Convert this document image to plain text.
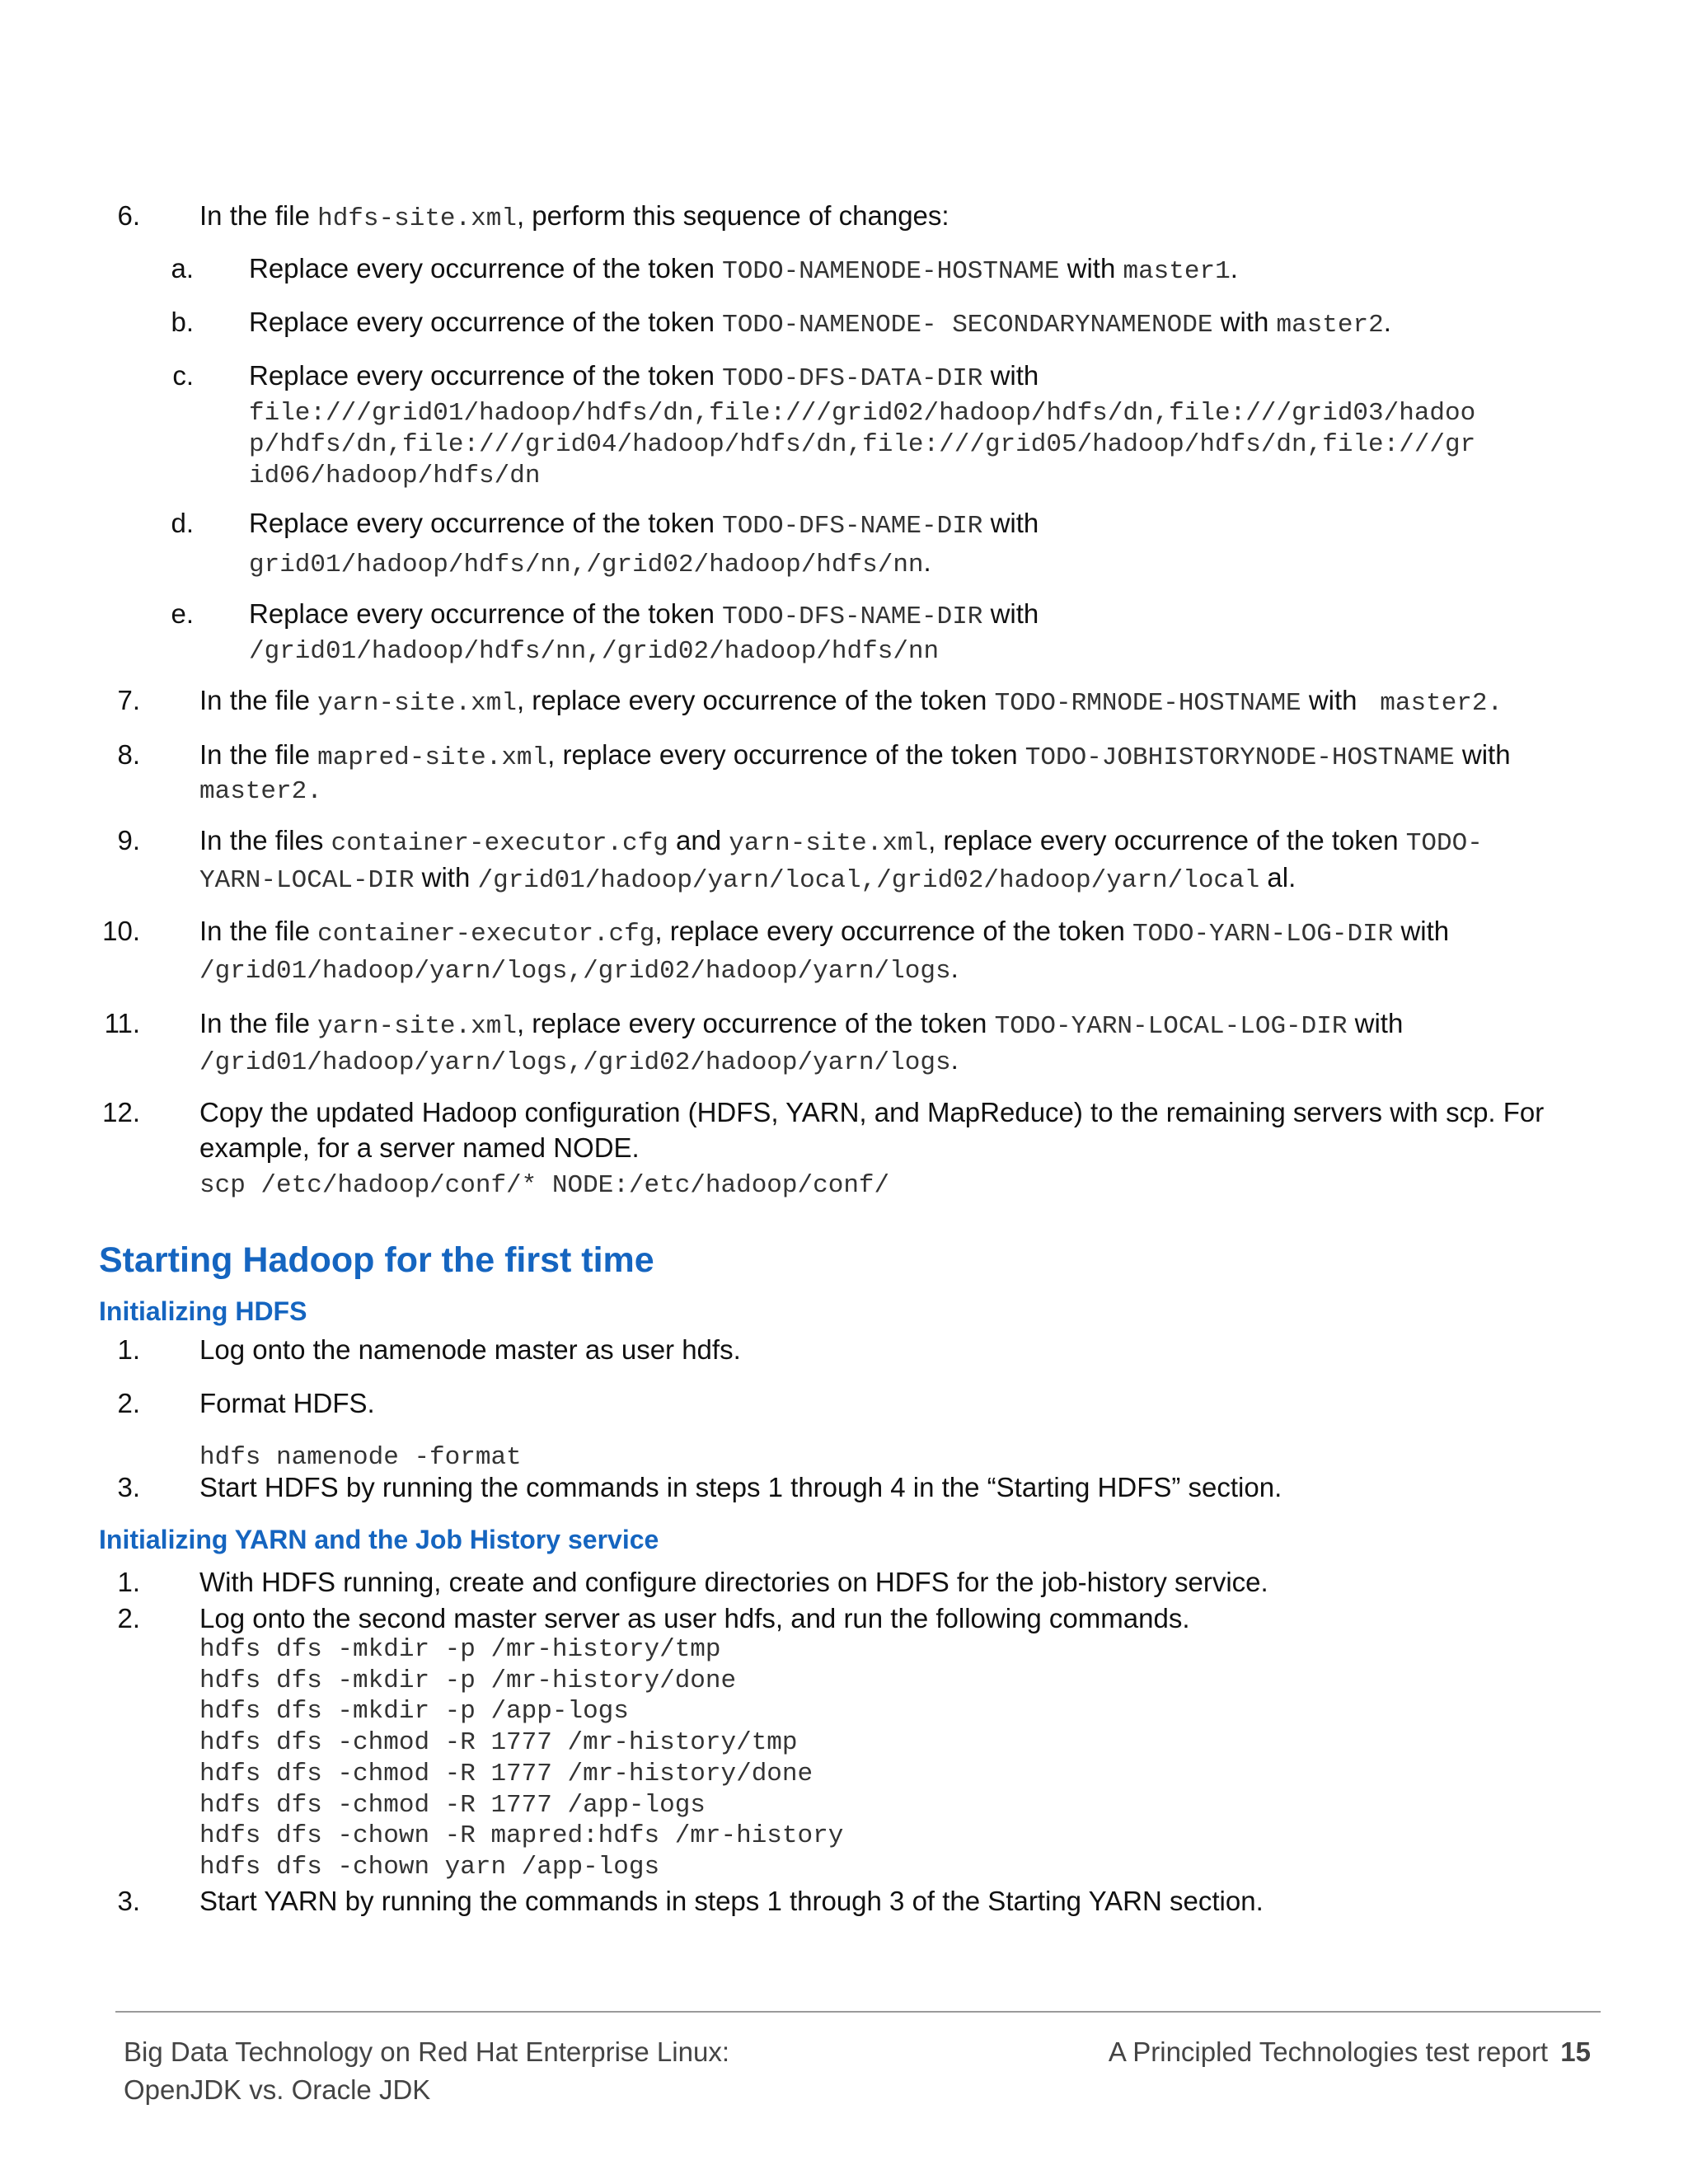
6. In the file hdfs-site.xml, perform this sequence of changes:
a. Replace every occurrence of the token TODO-NAMENODE-HOSTNAME with master1.
b. Replace every occurrence of the token TODO-NAMENODE- SECONDARYNAMENODE with master2.
c. Replace every occurrence of the token TODO-DFS-DATA-DIR with
file:///grid01/hadoop/hdfs/dn,file:///grid02/hadoop/hdfs/dn,file:///grid03/hadoo
p/hdfs/dn,file:///grid04/hadoop/hdfs/dn,file:///grid05/hadoop/hdfs/dn,file:///gr
id06/hadoop/hdfs/dn
d. Replace every occurrence of the token TODO-DFS-NAME-DIR with
grid01/hadoop/hdfs/nn,/grid02/hadoop/hdfs/nn.
e. Replace every occurrence of the token TODO-DFS-NAME-DIR with
/grid01/hadoop/hdfs/nn,/grid02/hadoop/hdfs/nn
7. In the file yarn-site.xml, replace every occurrence of the token TODO-RMNODE-HOSTNAME with  master2.
8. In the file mapred-site.xml, replace every occurrence of the token TODO-JOBHISTORYNODE-HOSTNAME with
master2.
9. In the files container-executor.cfg and yarn-site.xml, replace every occurrence of the token TODO-
YARN-LOCAL-DIR with /grid01/hadoop/yarn/local,/grid02/hadoop/yarn/local al.
10. In the file container-executor.cfg, replace every occurrence of the token TODO-YARN-LOG-DIR with
/grid01/hadoop/yarn/logs,/grid02/hadoop/yarn/logs.
11. In the file yarn-site.xml, replace every occurrence of the token TODO-YARN-LOCAL-LOG-DIR with
/grid01/hadoop/yarn/logs,/grid02/hadoop/yarn/logs.
12. Copy the updated Hadoop configuration (HDFS, YARN, and MapReduce) to the remaining servers with scp. For
example, for a server named NODE.
scp /etc/hadoop/conf/* NODE:/etc/hadoop/conf/
Starting Hadoop for the first time
Initializing HDFS
1. Log onto the namenode master as user hdfs.
2. Format HDFS.
hdfs namenode -format
3. Start HDFS by running the commands in steps 1 through 4 in the “Starting HDFS” section.
Initializing YARN and the Job History service
1. With HDFS running, create and configure directories on HDFS for the job-history service.
2. Log onto the second master server as user hdfs, and run the following commands.
hdfs dfs -mkdir -p /mr-history/tmp
hdfs dfs -mkdir -p /mr-history/done
hdfs dfs -mkdir -p /app-logs
hdfs dfs -chmod -R 1777 /mr-history/tmp
hdfs dfs -chmod -R 1777 /mr-history/done
hdfs dfs -chmod -R 1777 /app-logs
hdfs dfs -chown -R mapred:hdfs /mr-history
hdfs dfs -chown yarn /app-logs
3. Start YARN by running the commands in steps 1 through 3 of the Starting YARN section.
Big Data Technology on Red Hat Enterprise Linux:
OpenJDK vs. Oracle JDK
A Principled Technologies test report 15
